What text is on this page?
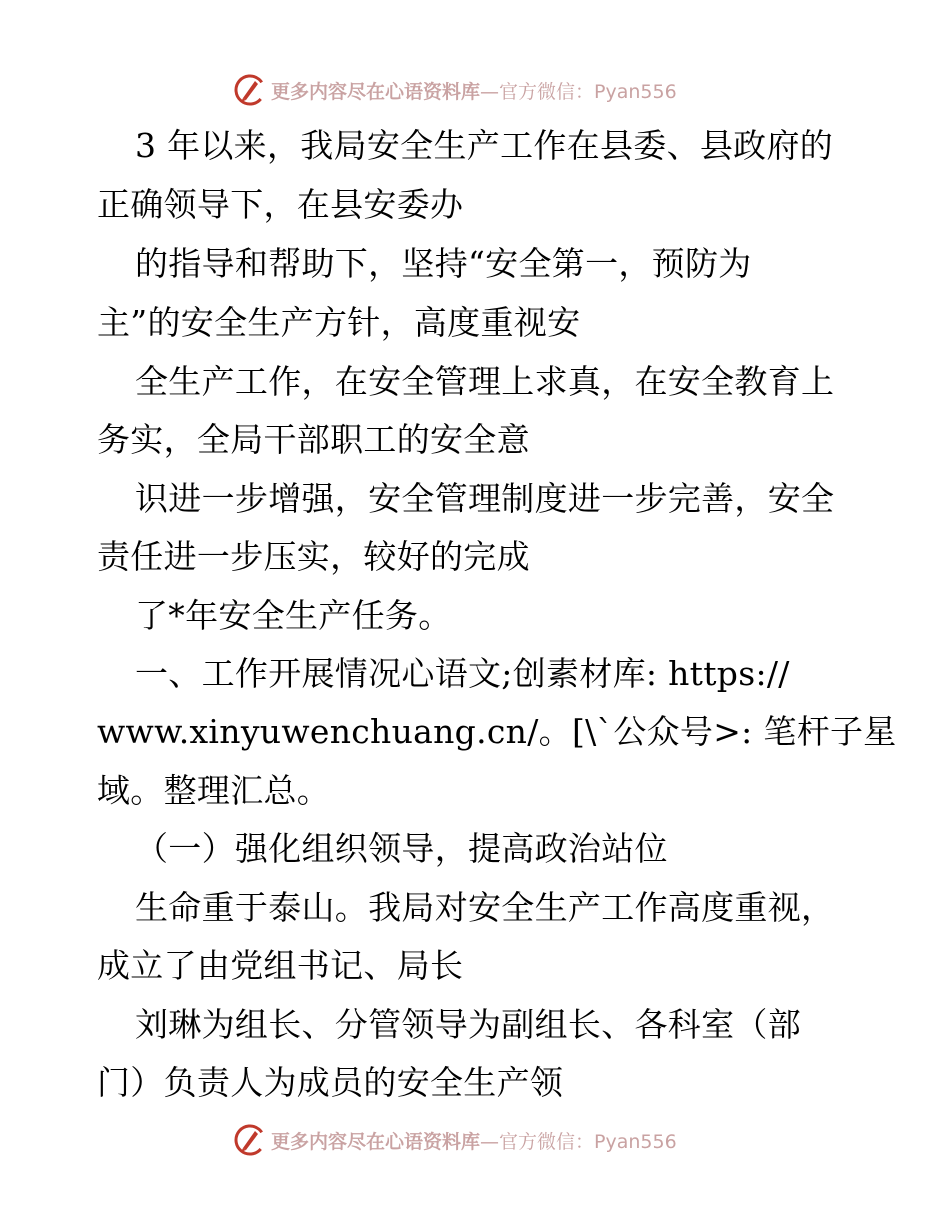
更多内容尽在心语资料库 —官方微信：Pyan556
3 年以来，我局安全生产工作在县委、县政府的
正确领导下，在县安委办
的指导和帮助下，坚持“安全第一，预防为
主”的安全生产方针，高度重视安
全生产工作，在安全管理上求真，在安全教育上
务实，全局干部职工的安全意
识进一步增强，安全管理制度进一步完善，安全
责任进一步压实，较好的完成
了*年安全生产任务。
一、工作开展情况心语文;创素材库: https://
www.xinyuwenchuang.cn/。[\`公众号>: 笔杆子星
域。整理汇总。
（一）强化组织领导，提高政治站位
生命重于泰山。我局对安全生产工作高度重视，
成立了由党组书记、局长
刘琳为组长、分管领导为副组长、各科室（部
门）负责人为成员的安全生产领
更多内容尽在心语资料库 —官方微信：Pyan556
